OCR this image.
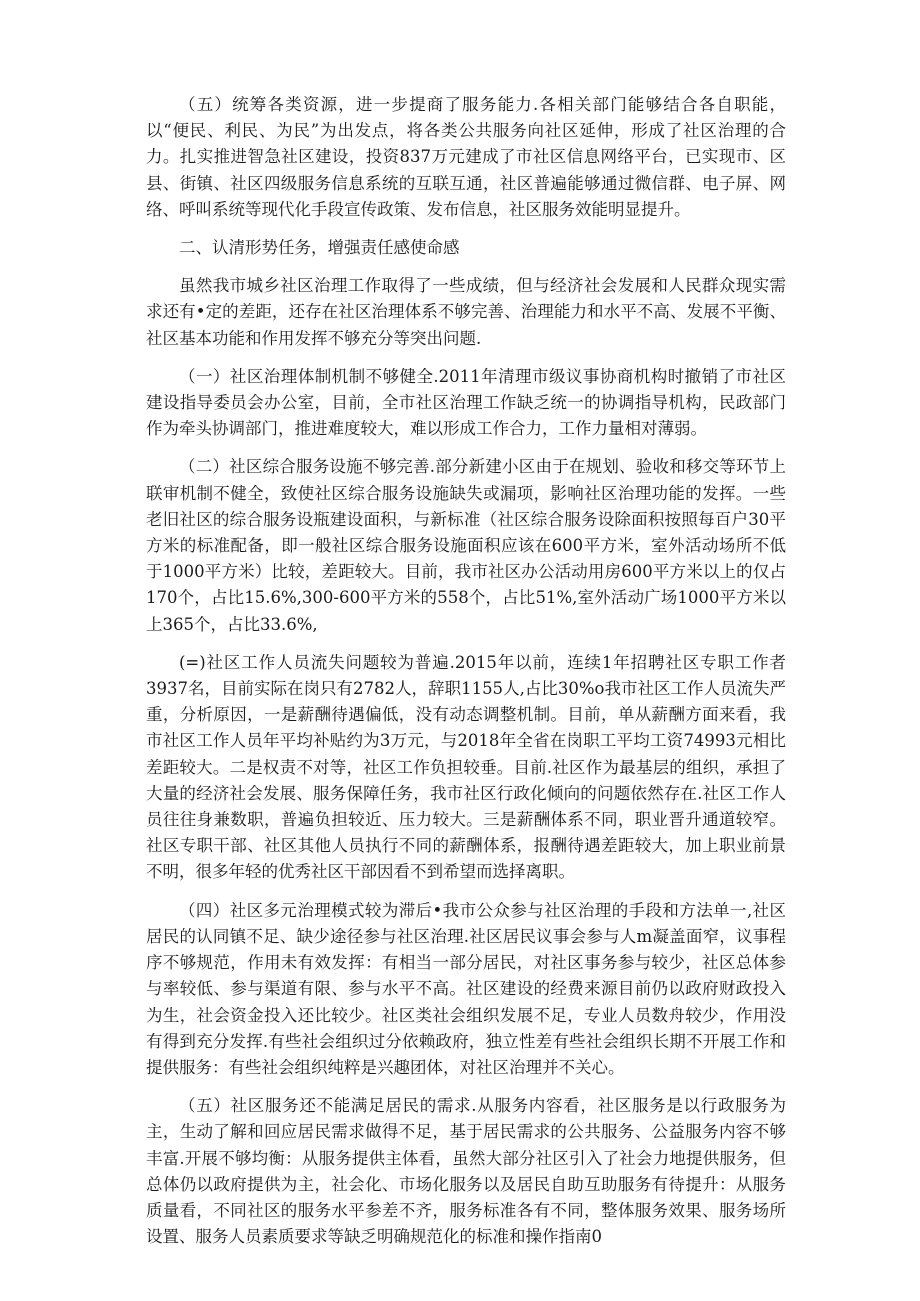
（五）统筹各类资源，进一步提商了服务能力.各相关部门能够结合各自职能，以“便民、利民、为民”为出发点，将各类公共服务向社区延伸，形成了社区治理的合力。扎实推进智急社区建设，投资837万元建成了市社区信息网络平台，已实现市、区县、街镇、社区四级服务信息系统的互联互通，社区普遍能够通过微信群、电子屏、网络、呼叫系统等现代化手段宣传政策、发布信息，社区服务效能明显提升。

二、认清形势任务，增强责任感使命感

虽然我市城乡社区治理工作取得了一些成绩，但与经济社会发展和人民群众现实需求还有•定的差距，还存在社区治理体系不够完善、治理能力和水平不高、发展不平衡、社区基本功能和作用发挥不够充分等突出问题.

（一）社区治理体制机制不够健全.2011年清理市级议事协商机构时撤销了市社区建设指导委员会办公室，目前，全市社区治理工作缺乏统一的协调指导机构，民政部门作为牵头协调部门，推进难度较大，难以形成工作合力，工作力量相对薄弱。

（二）社区综合服务设施不够完善.部分新建小区由于在规划、验收和移交等环节上联审机制不健全，致使社区综合服务设施缺失或漏项，影响社区治理功能的发挥。一些老旧社区的综合服务设瓶建设面积，与新标准（社区综合服务设除面积按照每百户30平方米的标准配备，即一般社区综合服务设施面积应该在600平方米，室外活动场所不低于1000平方米）比较，差距较大。目前，我市社区办公活动用房600平方米以上的仅占170个，占比15.6%,300-600平方米的558个，占比51%,室外活动广场1000平方米以上365个，占比33.6%,

(=)社区工作人员流失问题较为普遍.2015年以前，连续1年招聘社区专职工作者3937名，目前实际在岗只有2782人，辞职1155人,占比30%o我市社区工作人员流失严重，分析原因，一是薪酬待遇偏低，没有动态调整机制。目前，单从薪酬方面来看，我市社区工作人员年平均补贴约为3万元，与2018年全省在岗职工平均工资74993元相比差距较大。二是权责不对等，社区工作负担较垂。目前.社区作为最基层的组织，承担了大量的经济社会发展、服务保障任务，我市社区行政化倾向的问题依然存在.社区工作人员往往身兼数职，普遍负担较近、压力较大。三是薪酬体系不同，职业晋升通道较窄。社区专职干部、社区其他人员执行不同的薪酬体系，报酬待遇差距较大，加上职业前景不明，很多年轻的优秀社区干部因看不到希望而选择离职。

（四）社区多元治理模式较为滞后•我市公众参与社区治理的手段和方法单一,社区居民的认同镇不足、缺少途径参与社区治理.社区居民议事会参与人m凝盖面窄，议事程序不够规范，作用未有效发挥：有相当一部分居民，对社区事务参与较少，社区总体参与率较低、参与渠道有限、参与水平不高。社区建设的经费来源目前仍以政府财政投入为生，社会资金投入还比较少。社区类社会组织发展不足，专业人员数舟较少，作用没有得到充分发挥.有些社会组织过分依赖政府，独立性差有些社会组织长期不开展工作和提供服务：有些社会组织纯粹是兴趣团体，对社区治理并不关心。

（五）社区服务还不能满足居民的需求.从服务内容看，社区服务是以行政服务为主，生动了解和回应居民需求做得不足，基于居民需求的公共服务、公益服务内容不够丰富.开展不够均衡：从服务提供主体看，虽然大部分社区引入了社会力地提供服务，但总体仍以政府提供为主，社会化、市场化服务以及居民自助互助服务有待提升：从服务质量看，不同社区的服务水平参差不齐，服务标准各有不同，整体服务效果、服务场所设置、服务人员素质要求等缺乏明确规范化的标准和操作指南0
